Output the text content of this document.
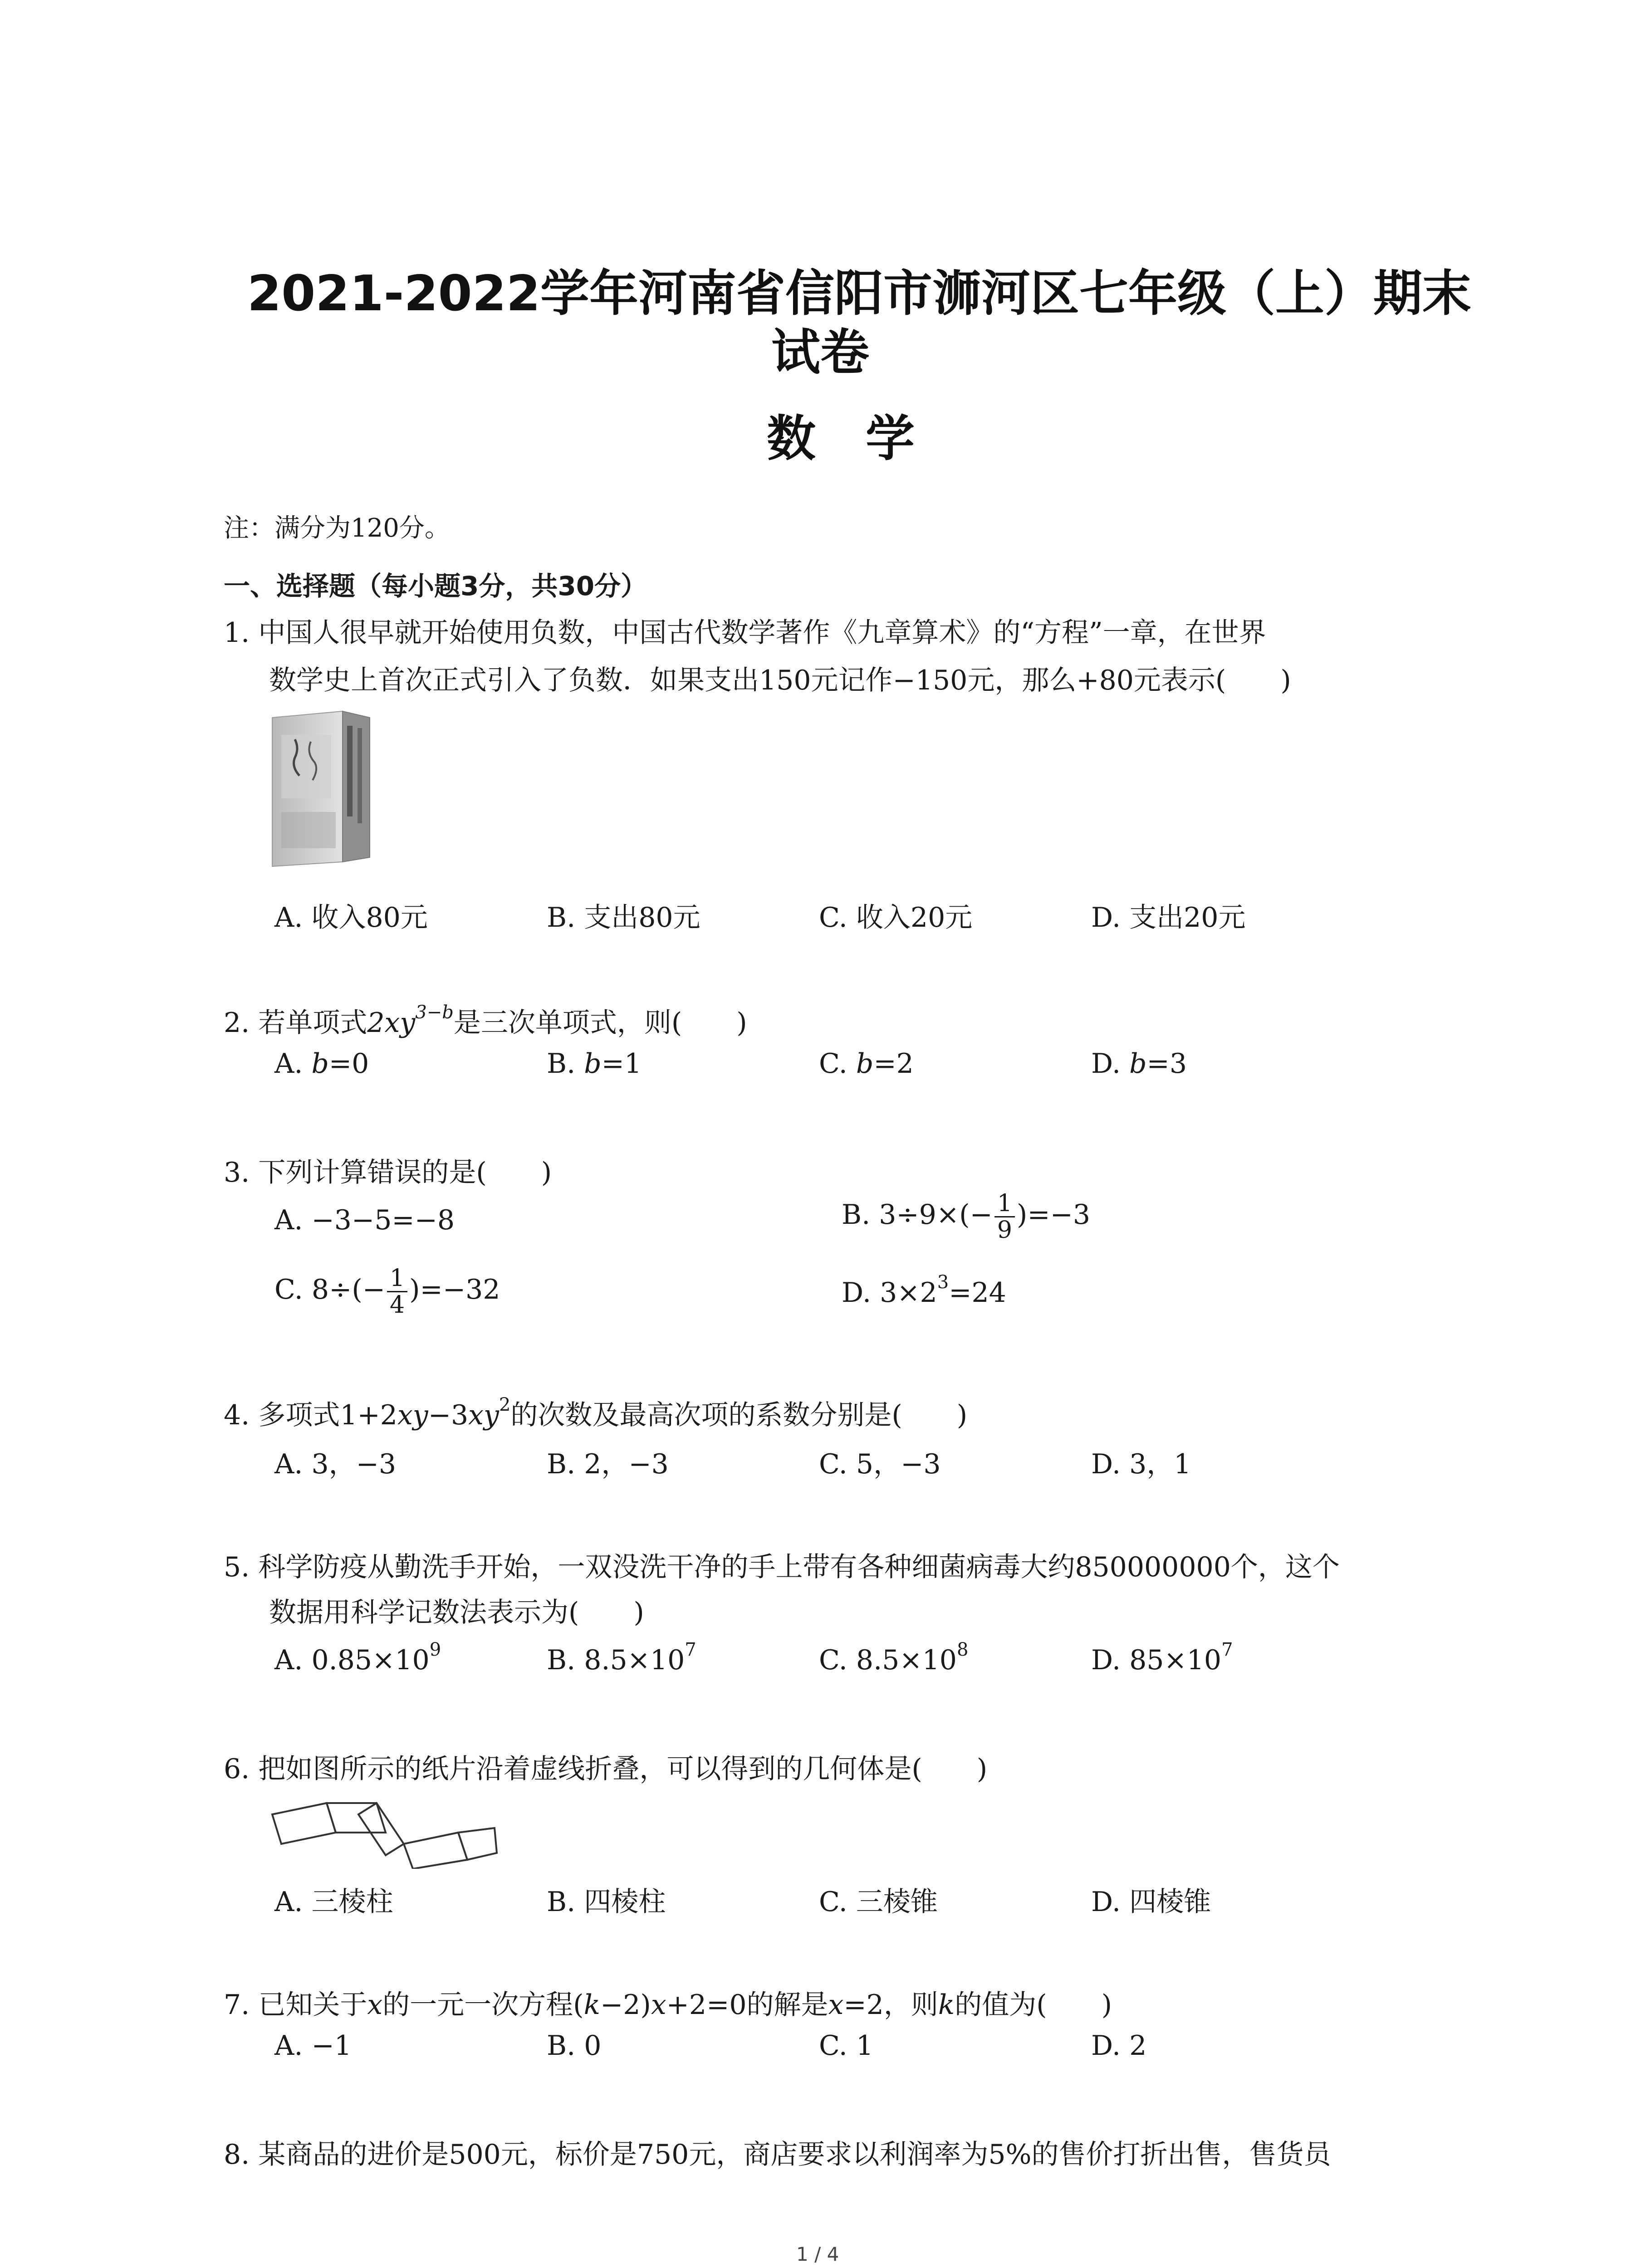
2021-2022学年河南省信阳市浉河区七年级（上）期末
试卷
数学
注：满分为120分。
一、选择题（每小题3分，共30分）
1. 中国人很早就开始使用负数，中国古代数学著作《九章算术》的“方程”一章，在世界
数学史上首次正式引入了负数．如果支出150元记作−150元，那么+80元表示(　　)
A. 收入80元	B. 支出80元	C. 收入20元	D. 支出20元
2. 若单项式$2xy^{3-b}$是三次单项式，则(　　)
A. b=0	B. b=1	C. b=2	D. b=3
3. 下列计算错误的是(　　)
A. −3−5=−8	B. $3\div 9\times(- \frac{1}{9} )=-3$
C. $8\div(- \frac{1}{4} )=-32$	D. $3\times 2^3=24$
4. 多项式$1+2xy-3xy^2$的次数及最高次项的系数分别是(　　)
A. 3，−3	B. 2，−3	C. 5，−3	D. 3，1
5. 科学防疫从勤洗手开始，一双没洗干净的手上带有各种细菌病毒大约850000000个，这个
数据用科学记数法表示为(　　)
A. $0.85\times 10^9$	B. $8.5\times 10^7$	C. $8.5\times 10^8$	D. $85\times 10^7$
6. 把如图所示的纸片沿着虚线折叠，可以得到的几何体是(　　)
A. 三棱柱	B. 四棱柱	C. 三棱锥	D. 四棱锥
7. 已知关于x的一元一次方程(k−2)x+2=0的解是x=2，则k的值为(　　)
A. −1	B. 0	C. 1	D. 2
8. 某商品的进价是500元，标价是750元，商店要求以利润率为5%的售价打折出售，售货员
1 / 4
